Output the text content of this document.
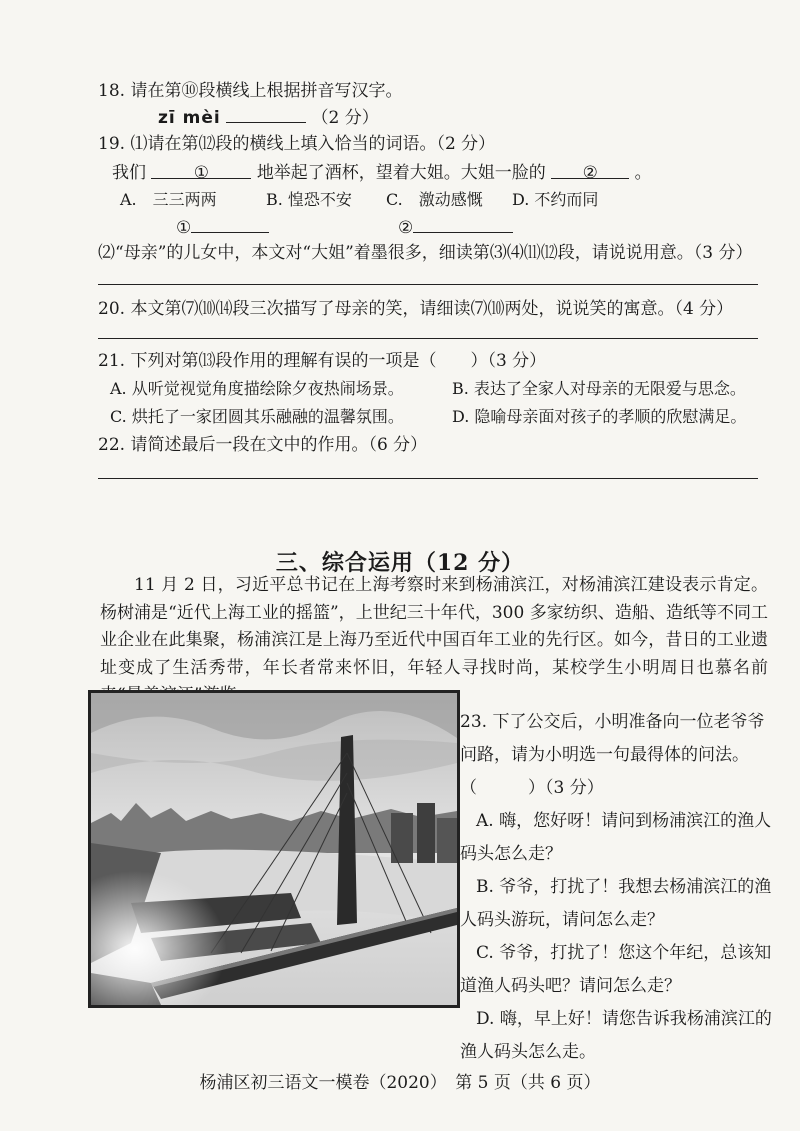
18. 请在第⑩段横线上根据拼音写汉字。
zī mèi	（2 分）
19. ⑴请在第⑿段的横线上填入恰当的词语。（2 分）
我们	①	地举起了酒杯，望着大姐。大姐一脸的 ② 。
A.　三三两两	B. 惶恐不安 C.　激动感慨 D. 不约而同
①	②
⑵“母亲”的儿女中，本文对“大姐”着墨很多，细读第⑶⑷⑾⑿段，请说说用意。（3 分）
20. 本文第⑺⑽⒁段三次描写了母亲的笑，请细读⑺⑽两处，说说笑的寓意。（4 分）
21. 下列对第⒀段作用的理解有误的一项是（　　）（3 分）
A. 从听觉视觉角度描绘除夕夜热闹场景。	B. 表达了全家人对母亲的无限爱与思念。
C. 烘托了一家团圆其乐融融的温馨氛围。	D. 隐喻母亲面对孩子的孝顺的欣慰满足。
22. 请简述最后一段在文中的作用。（6 分）
三、综合运用（12 分）
11 月 2 日，习近平总书记在上海考察时来到杨浦滨江，对杨浦滨江建设表示肯定。杨树浦是“近代上海工业的摇篮”，上世纪三十年代，300 多家纺织、造船、造纸等不同工业企业在此集聚，杨浦滨江是上海乃至近代中国百年工业的先行区。如今，昔日的工业遗址变成了生活秀带，年长者常来怀旧，年轻人寻找时尚，某校学生小明周日也慕名前
23. 下了公交后，小明准备向一位老爷爷问路，请为小明选一句最得体的问法。
（　　　）（3 分）
A. 嗨，您好呀！请问到杨浦滨江的渔人码头怎么走？
B. 爷爷，打扰了！我想去杨浦滨江的渔人码头游玩，请问怎么走？
C. 爷爷，打扰了！您这个年纪，总该知道渔人码头吧？请问怎么走？
D. 嗨，早上好！请您告诉我杨浦滨江的渔人码头怎么走。
杨浦区初三语文一模卷（2020）　第 5 页（共 6 页）
